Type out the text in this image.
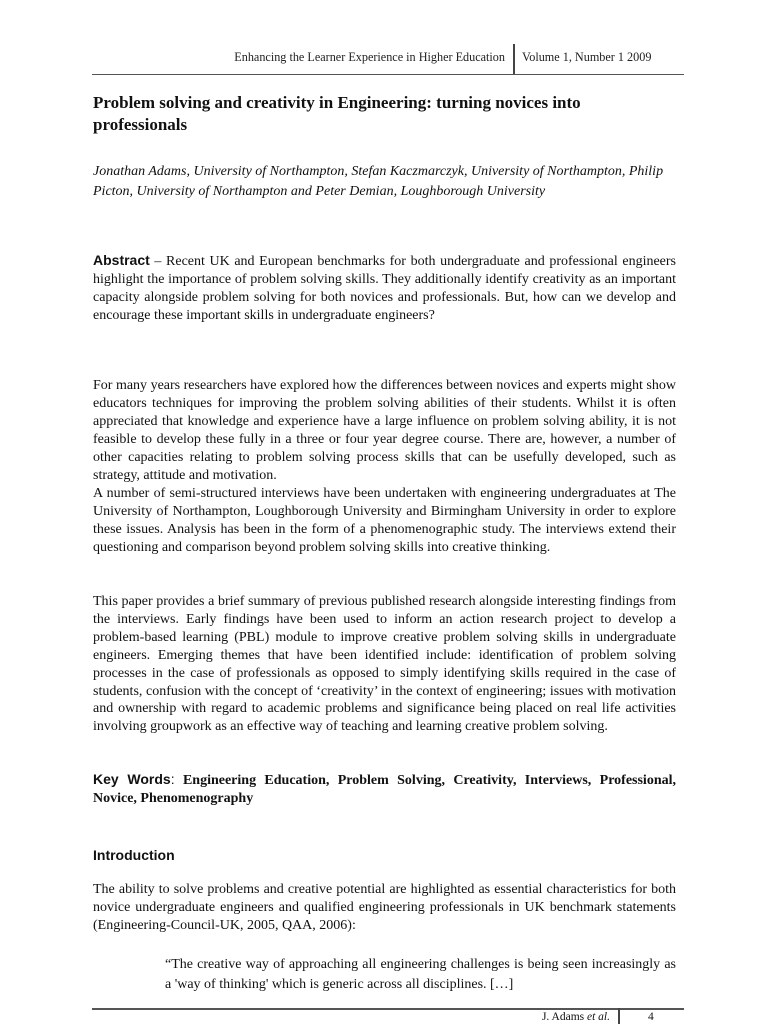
Enhancing the Learner Experience in Higher Education Volume 1, Number 1 2009
Problem solving and creativity in Engineering: turning novices into professionals

Jonathan Adams, University of Northampton, Stefan Kaczmarczyk, University of Northampton, Philip Picton, University of Northampton and Peter Demian, Loughborough University

Abstract – Recent UK and European benchmarks for both undergraduate and professional engineers highlight the importance of problem solving skills. They additionally identify creativity as an important capacity alongside problem solving for both novices and professionals. But, how can we develop and encourage these important skills in undergraduate engineers?

For many years researchers have explored how the differences between novices and experts might show educators techniques for improving the problem solving abilities of their students. Whilst it is often appreciated that knowledge and experience have a large influence on problem solving ability, it is not feasible to develop these fully in a three or four year degree course. There are, however, a number of other capacities relating to problem solving process skills that can be usefully developed, such as strategy, attitude and motivation.

A number of semi-structured interviews have been undertaken with engineering undergraduates at The University of Northampton, Loughborough University and Birmingham University in order to explore these issues. Analysis has been in the form of a phenomenographic study. The interviews extend their questioning and comparison beyond problem solving skills into creative thinking.

This paper provides a brief summary of previous published research alongside interesting findings from the interviews. Early findings have been used to inform an action research project to develop a problem-based learning (PBL) module to improve creative problem solving skills in undergraduate engineers. Emerging themes that have been identified include: identification of problem solving processes in the case of professionals as opposed to simply identifying skills required in the case of students, confusion with the concept of ‘creativity’ in the context of engineering; issues with motivation and ownership with regard to academic problems and significance being placed on real life activities involving groupwork as an effective way of teaching and learning creative problem solving.

Key Words: Engineering Education, Problem Solving, Creativity, Interviews, Professional, Novice, Phenomenography

Introduction

The ability to solve problems and creative potential are highlighted as essential characteristics for both novice undergraduate engineers and qualified engineering professionals in UK benchmark statements (Engineering-Council-UK, 2005, QAA, 2006):

“The creative way of approaching all engineering challenges is being seen increasingly as a 'way of thinking' which is generic across all disciplines. […]

J. Adams et al.	4
